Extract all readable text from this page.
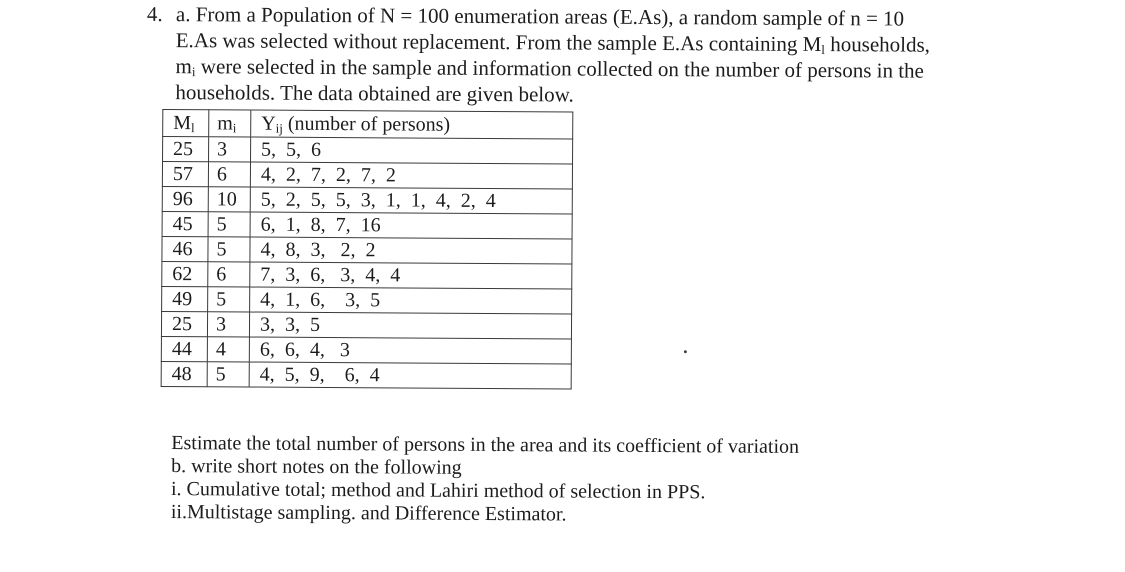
4. a. From a Population of N = 100 enumeration areas (E.As), a random sample of n = 10

E.As was selected without replacement. From the sample E.As containing $M_l$ households,

$m_i$ were selected in the sample and information collected on the number of persons in the

households. The data obtained are given below.

$M_l$	$m_i$	$Y_{ij}$ (number of persons)
25	3	5,  5,  6
57	6	4,  2,  7,  2,  7,  2
96	10	5,  2,  5,  5,  3,  1,  1,  4,  2,  4
45	5	6,  1,  8,  7,  16
46	5	4,  8,  3,   2,  2
62	6	7,  3,  6,   3,  4,  4
49	5	4,  1,  6,    3,  5
25	3	3,  3,  5
44	4	6,  6,  4,   3
48	5	4,  5,  9,    6,  4

Estimate the total number of persons in the area and its coefficient of variation

b. write short notes on the following

i. Cumulative total; method and Lahiri method of selection in PPS.

ii.Multistage sampling. and Difference Estimator.
